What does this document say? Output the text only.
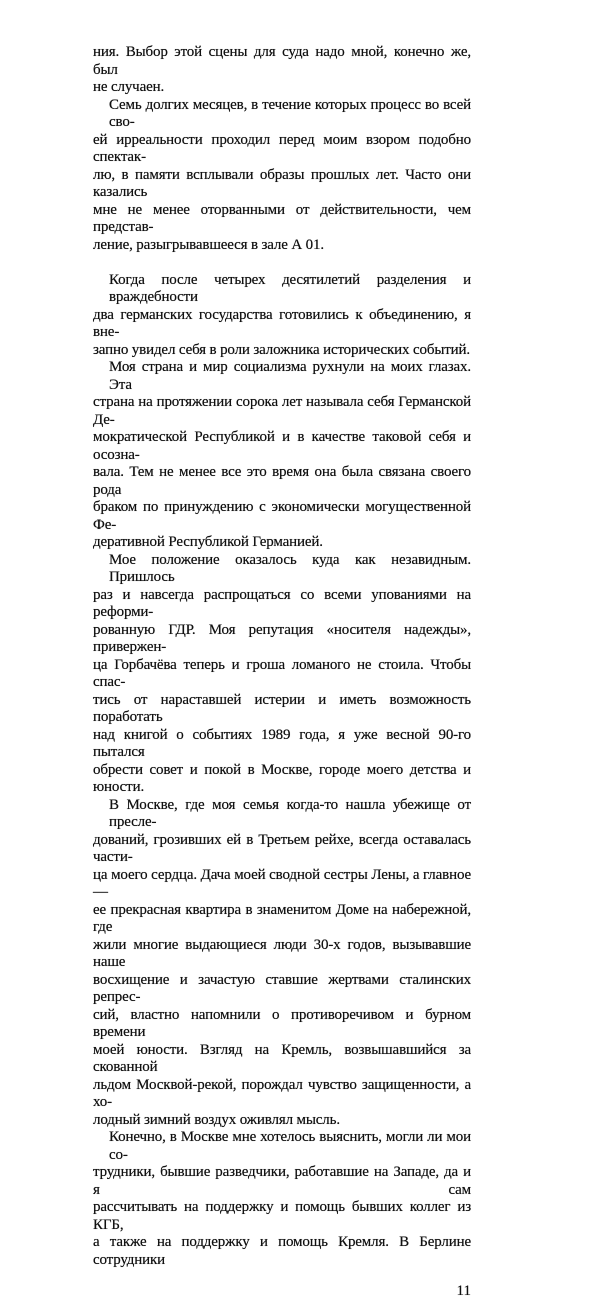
ния. Выбор этой сцены для суда надо мной, конечно же, был
не случаен.
Семь долгих месяцев, в течение которых процесс во всей сво-
ей ирреальности проходил перед моим взором подобно спектак-
лю, в памяти всплывали образы прошлых лет. Часто они казались
мне не менее оторванными от действительности, чем представ-
ление, разыгрывавшееся в зале А 01.
Когда после четырех десятилетий разделения и враждебности
два германских государства готовились к объединению, я вне-
запно увидел себя в роли заложника исторических событий.
Моя страна и мир социализма рухнули на моих глазах. Эта
страна на протяжении сорока лет называла себя Германской Де-
мократической Республикой и в качестве таковой себя и осозна-
вала. Тем не менее все это время она была связана своего рода
браком по принуждению с экономически могущественной Фе-
деративной Республикой Германией.
Мое положение оказалось куда как незавидным. Пришлось
раз и навсегда распрощаться со всеми упованиями на реформи-
рованную ГДР. Моя репутация «носителя надежды», привержен-
ца Горбачёва теперь и гроша ломаного не стоила. Чтобы спас-
тись от нараставшей истерии и иметь возможность поработать
над книгой о событиях 1989 года, я уже весной 90-го пытался
обрести совет и покой в Москве, городе моего детства и юности.
В Москве, где моя семья когда-то нашла убежище от пресле-
дований, грозивших ей в Третьем рейхе, всегда оставалась части-
ца моего сердца. Дача моей сводной сестры Лены, а главное —
ее прекрасная квартира в знаменитом Доме на набережной, где
жили многие выдающиеся люди 30-х годов, вызывавшие наше
восхищение и зачастую ставшие жертвами сталинских репрес-
сий, властно напомнили о противоречивом и бурном времени
моей юности. Взгляд на Кремль, возвышавшийся за скованной
льдом Москвой-рекой, порождал чувство защищенности, а хо-
лодный зимний воздух оживлял мысль.
Конечно, в Москве мне хотелось выяснить, могли ли мои со-
трудники, бывшие разведчики, работавшие на Западе, да и я сам
рассчитывать на поддержку и помощь бывших коллег из КГБ,
а также на поддержку и помощь Кремля. В Берлине сотрудники
11
